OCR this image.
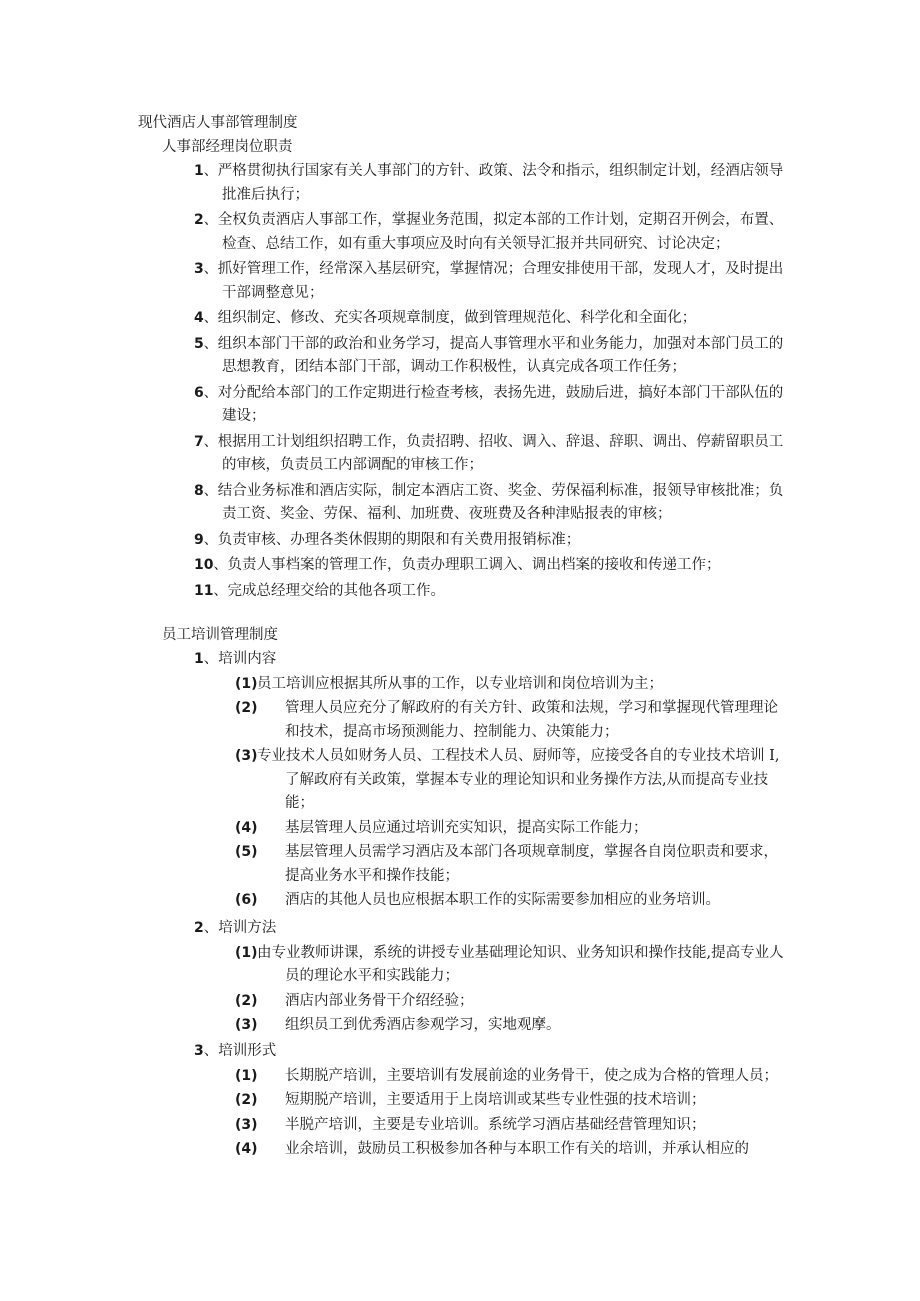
现代酒店人事部管理制度
人事部经理岗位职责
1、严格贯彻执行国家有关人事部门的方针、政策、法令和指示，组织制定计划，经酒店领导批准后执行；
2、全权负责酒店人事部工作，掌握业务范围，拟定本部的工作计划，定期召开例会，布置、检查、总结工作，如有重大事项应及时向有关领导汇报并共同研究、讨论决定；
3、抓好管理工作，经常深入基层研究，掌握情况；合理安排使用干部，发现人才，及时提出干部调整意见；
4、组织制定、修改、充实各项规章制度，做到管理规范化、科学化和全面化；
5、组织本部门干部的政治和业务学习，提高人事管理水平和业务能力，加强对本部门员工的思想教育，团结本部门干部，调动工作积极性，认真完成各项工作任务；
6、对分配给本部门的工作定期进行检查考核，表扬先进，鼓励后进，搞好本部门干部队伍的建设；
7、根据用工计划组织招聘工作，负责招聘、招收、调入、辞退、辞职、调出、停薪留职员工的审核，负责员工内部调配的审核工作；
8、结合业务标准和酒店实际，制定本酒店工资、奖金、劳保福利标准，报领导审核批准；负责工资、奖金、劳保、福利、加班费、夜班费及各种津贴报表的审核；
9、负责审核、办理各类休假期的期限和有关费用报销标准；
10、负责人事档案的管理工作，负责办理职工调入、调出档案的接收和传递工作；
11、完成总经理交给的其他各项工作。
员工培训管理制度
1、培训内容
(1) 员工培训应根据其所从事的工作，以专业培训和岗位培训为主；
(2) 管理人员应充分了解政府的有关方针、政策和法规，学习和掌握现代管理理论和技术，提高市场预测能力、控制能力、决策能力；
(3) 专业技术人员如财务人员、工程技术人员、厨师等，应接受各自的专业技术培训 I,了解政府有关政策，掌握本专业的理论知识和业务操作方法,从而提高专业技能；
(4) 基层管理人员应通过培训充实知识，提高实际工作能力；
(5) 基层管理人员需学习酒店及本部门各项规章制度，掌握各自岗位职责和要求，提高业务水平和操作技能；
(6) 酒店的其他人员也应根据本职工作的实际需要参加相应的业务培训。
2、培训方法
(1) 由专业教师讲课，系统的讲授专业基础理论知识、业务知识和操作技能,提高专业人员的理论水平和实践能力；
(2) 酒店内部业务骨干介绍经验；
(3) 组织员工到优秀酒店参观学习，实地观摩。
3、培训形式
(1) 长期脱产培训，主要培训有发展前途的业务骨干，使之成为合格的管理人员；
(2) 短期脱产培训，主要适用于上岗培训或某些专业性强的技术培训；
(3) 半脱产培训，主要是专业培训。系统学习酒店基础经营管理知识；
(4) 业余培训，鼓励员工积极参加各种与本职工作有关的培训，并承认相应的
